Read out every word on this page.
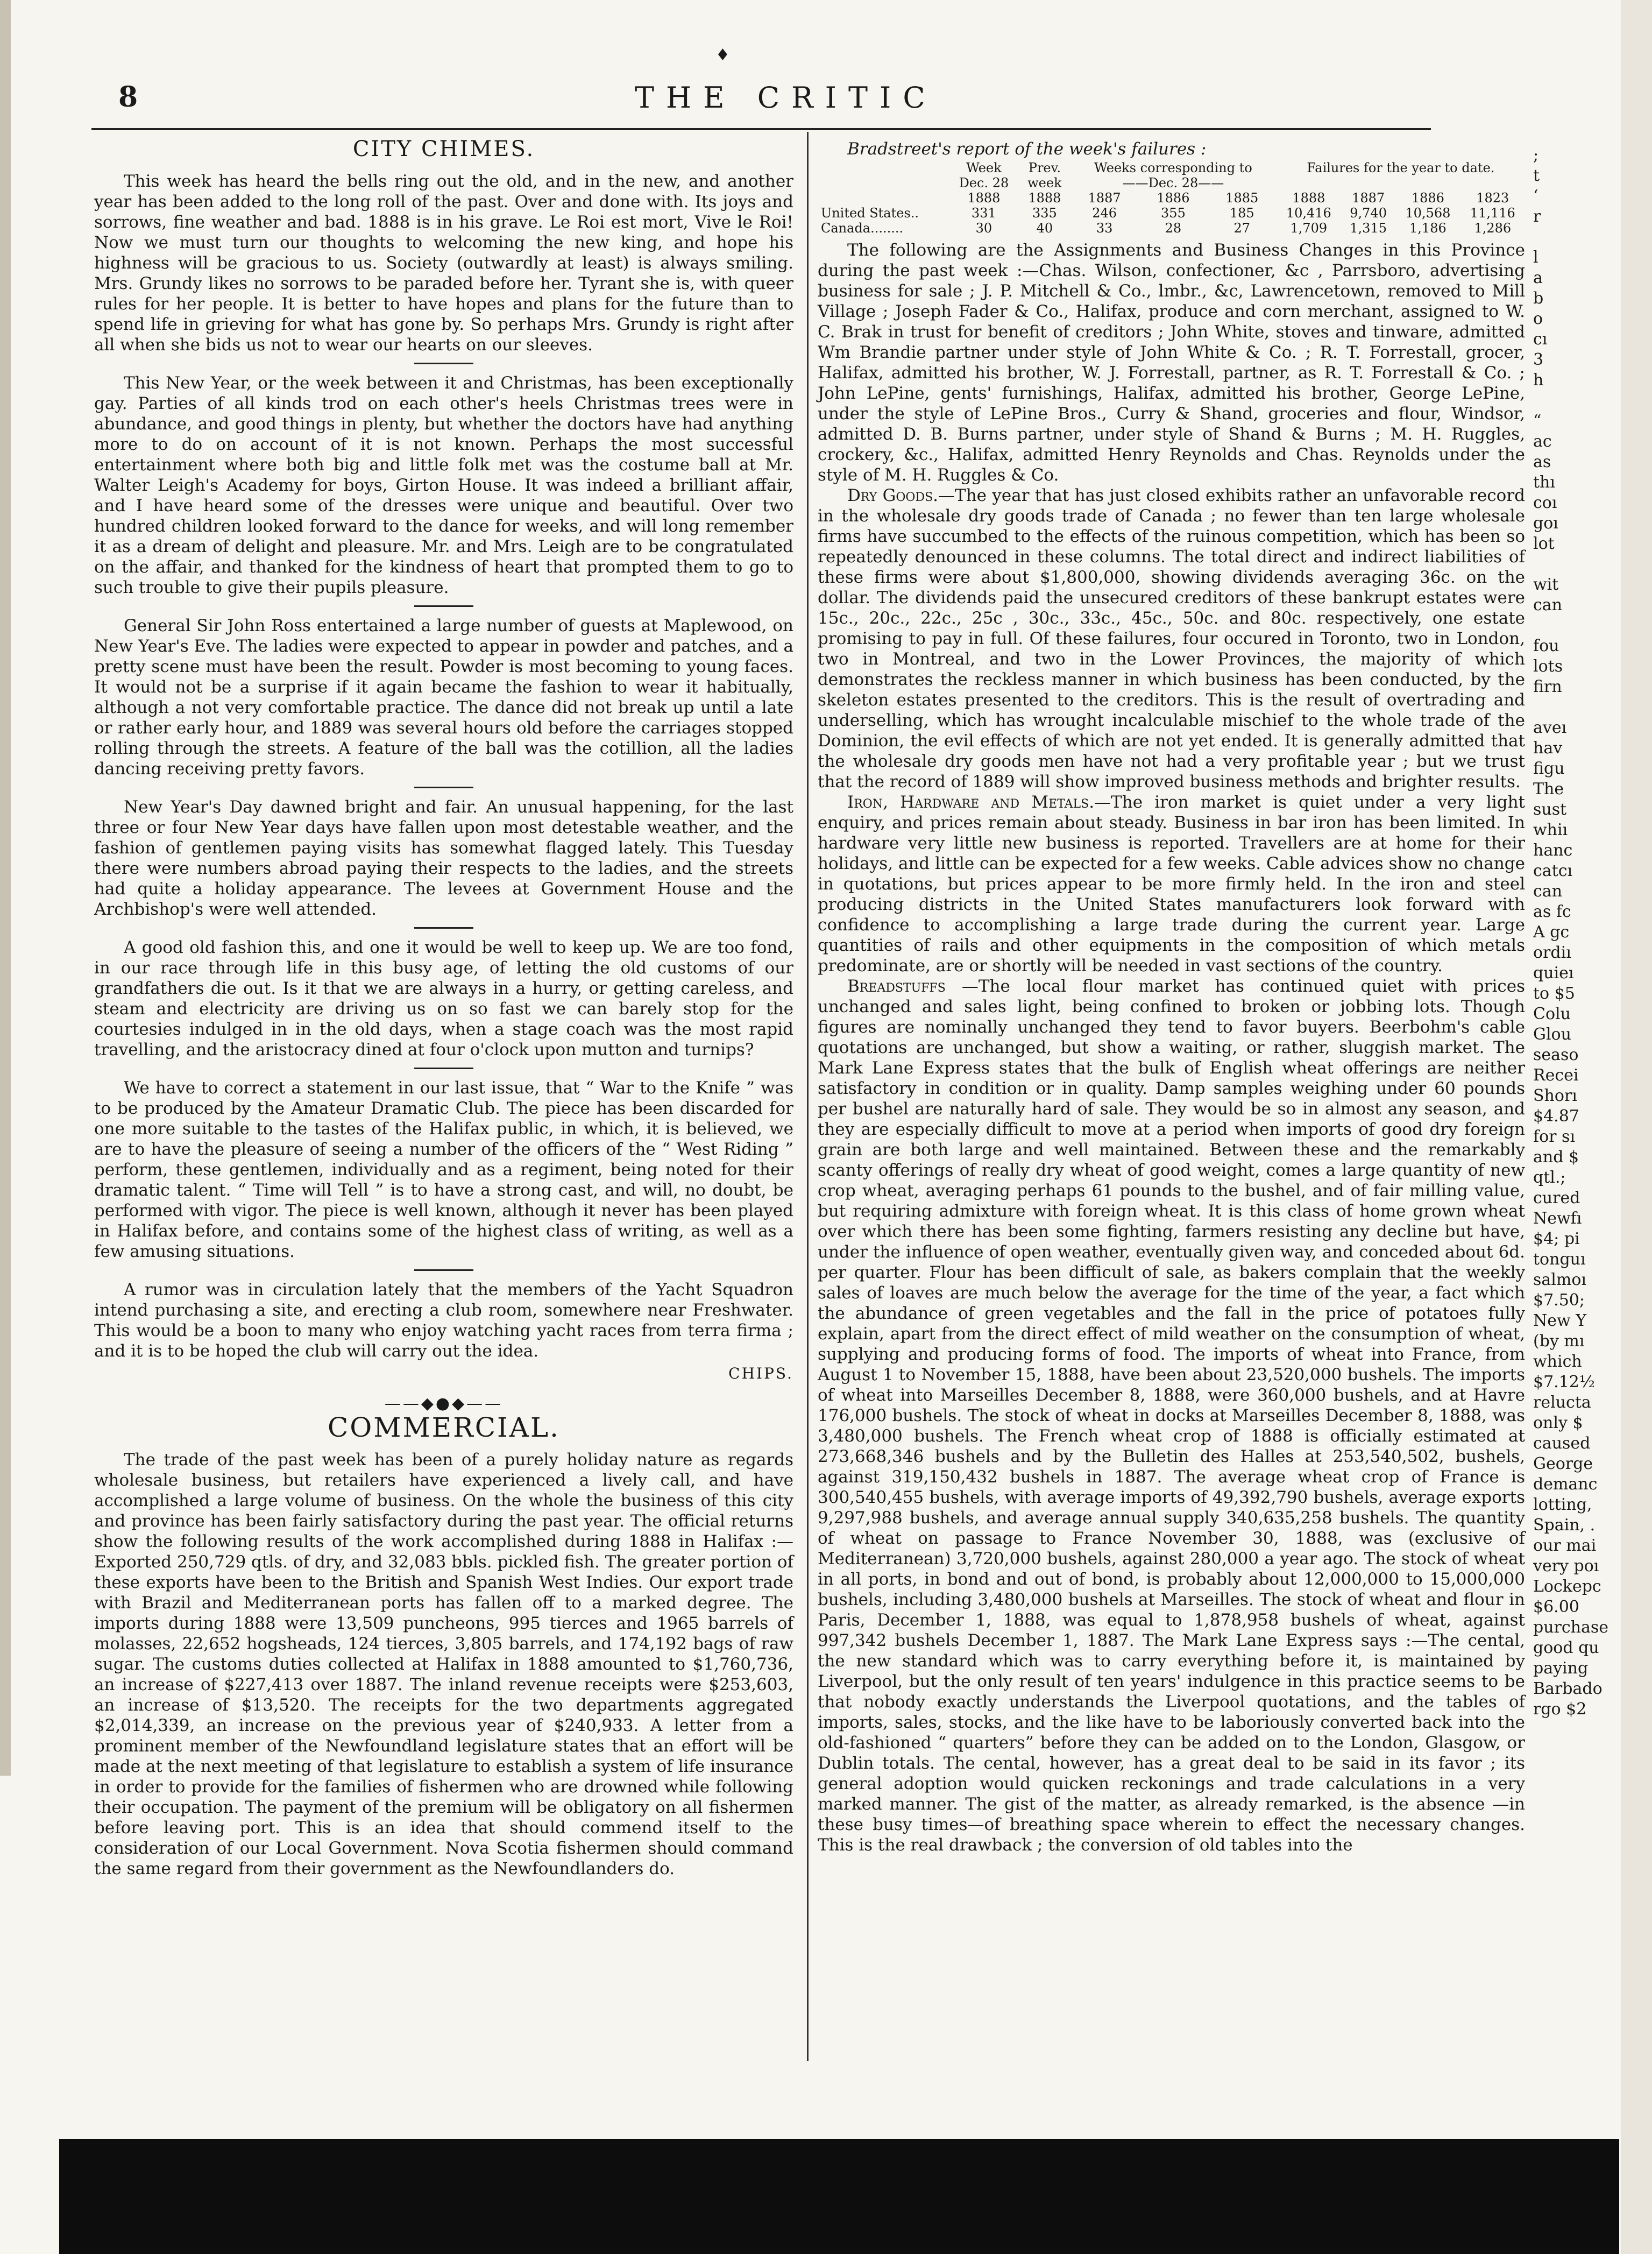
♦
8	THE CRITIC
CITY CHIMES.

This week has heard the bells ring out the old, and in the new, and another year has been added to the long roll of the past. Over and done with. Its joys and sorrows, fine weather and bad. 1888 is in his grave. Le Roi est mort, Vive le Roi! Now we must turn our thoughts to welcoming the new king, and hope his highness will be gracious to us. Society (outwardly at least) is always smiling. Mrs. Grundy likes no sorrows to be paraded before her. Tyrant she is, with queer rules for her people. It is better to have hopes and plans for the future than to spend life in grieving for what has gone by. So perhaps Mrs. Grundy is right after all when she bids us not to wear our hearts on our sleeves.

This New Year, or the week between it and Christmas, has been exceptionally gay. Parties of all kinds trod on each other's heels Christmas trees were in abundance, and good things in plenty, but whether the doctors have had anything more to do on account of it is not known. Perhaps the most successful entertainment where both big and little folk met was the costume ball at Mr. Walter Leigh's Academy for boys, Girton House. It was indeed a brilliant affair, and I have heard some of the dresses were unique and beautiful. Over two hundred children looked forward to the dance for weeks, and will long remember it as a dream of delight and pleasure. Mr. and Mrs. Leigh are to be congratulated on the affair, and thanked for the kindness of heart that prompted them to go to such trouble to give their pupils pleasure.

General Sir John Ross entertained a large number of guests at Maplewood, on New Year's Eve. The ladies were expected to appear in powder and patches, and a pretty scene must have been the result. Powder is most becoming to young faces. It would not be a surprise if it again became the fashion to wear it habitually, although a not very comfortable practice. The dance did not break up until a late or rather early hour, and 1889 was several hours old before the carriages stopped rolling through the streets. A feature of the ball was the cotillion, all the ladies dancing receiving pretty favors.

New Year's Day dawned bright and fair. An unusual happening, for the last three or four New Year days have fallen upon most detestable weather, and the fashion of gentlemen paying visits has somewhat flagged lately. This Tuesday there were numbers abroad paying their respects to the ladies, and the streets had quite a holiday appearance. The levees at Government House and the Archbishop's were well attended.

A good old fashion this, and one it would be well to keep up. We are too fond, in our race through life in this busy age, of letting the old customs of our grandfathers die out. Is it that we are always in a hurry, or getting careless, and steam and electricity are driving us on so fast we can barely stop for the courtesies indulged in in the old days, when a stage coach was the most rapid travelling, and the aristocracy dined at four o'clock upon mutton and turnips?

We have to correct a statement in our last issue, that “ War to the Knife ” was to be produced by the Amateur Dramatic Club. The piece has been discarded for one more suitable to the tastes of the Halifax public, in which, it is believed, we are to have the pleasure of seeing a number of the officers of the “ West Riding ” perform, these gentlemen, individually and as a regiment, being noted for their dramatic talent. “ Time will Tell ” is to have a strong cast, and will, no doubt, be performed with vigor. The piece is well known, although it never has been played in Halifax before, and contains some of the highest class of writing, as well as a few amusing situations.

A rumor was in circulation lately that the members of the Yacht Squadron intend purchasing a site, and erecting a club room, somewhere near Freshwater. This would be a boon to many who enjoy watching yacht races from terra firma ; and it is to be hoped the club will carry out the idea.

CHIPS.
——◆●◆——
COMMERCIAL.

The trade of the past week has been of a purely holiday nature as regards wholesale business, but retailers have experienced a lively call, and have accomplished a large volume of business. On the whole the business of this city and province has been fairly satisfactory during the past year. The official returns show the following results of the work accomplished during 1888 in Halifax :—Exported 250,729 qtls. of dry, and 32,083 bbls. pickled fish. The greater portion of these exports have been to the British and Spanish West Indies. Our export trade with Brazil and Mediterranean ports has fallen off to a marked degree. The imports during 1888 were 13,509 puncheons, 995 tierces and 1965 barrels of molasses, 22,652 hogsheads, 124 tierces, 3,805 barrels, and 174,192 bags of raw sugar. The customs duties collected at Halifax in 1888 amounted to $1,760,736, an increase of $227,413 over 1887. The inland revenue receipts were $253,603, an increase of $13,520. The receipts for the two departments aggregated $2,014,339, an increase on the previous year of $240,933. A letter from a prominent member of the Newfoundland legislature states that an effort will be made at the next meeting of that legislature to establish a system of life insurance in order to provide for the families of fishermen who are drowned while following their occupation. The payment of the premium will be obligatory on all fishermen before leaving port. This is an idea that should commend itself to the consideration of our Local Government. Nova Scotia fishermen should command the same regard from their government as the Newfoundlanders do.

Bradstreet's report of the week's failures :

	Week	Prev.	Weeks corresponding to			Failures for the year to date.			
	Dec. 28	week	——Dec. 28——						
	1888	1888	1887	1886	1885	1888	1887	1886	1823
United States..	331	335	246	355	185	10,416	9,740	10,568	11,116
Canada........	30	40	33	28	27	1,709	1,315	1,186	1,286

The following are the Assignments and Business Changes in this Province during the past week :—Chas. Wilson, confectioner, &c , Parrsboro, advertising business for sale ; J. P. Mitchell & Co., lmbr., &c, Lawrencetown, removed to Mill Village ; Joseph Fader & Co., Halifax, produce and corn merchant, assigned to W. C. Brak in trust for benefit of creditors ; John White, stoves and tinware, admitted Wm Brandie partner under style of John White & Co. ; R. T. Forrestall, grocer, Halifax, admitted his brother, W. J. Forrestall, partner, as R. T. Forrestall & Co. ; John LePine, gents' furnishings, Halifax, admitted his brother, George LePine, under the style of LePine Bros., Curry & Shand, groceries and flour, Windsor, admitted D. B. Burns partner, under style of Shand & Burns ; M. H. Ruggles, crockery, &c., Halifax, admitted Henry Reynolds and Chas. Reynolds under the style of M. H. Ruggles & Co.

Dry Goods.—The year that has just closed exhibits rather an unfavorable record in the wholesale dry goods trade of Canada ; no fewer than ten large wholesale firms have succumbed to the effects of the ruinous competition, which has been so repeatedly denounced in these columns. The total direct and indirect liabilities of these firms were about $1,800,000, showing dividends averaging 36c. on the dollar. The dividends paid the unsecured creditors of these bankrupt estates were 15c., 20c., 22c., 25c , 30c., 33c., 45c., 50c. and 80c. respectively, one estate promising to pay in full. Of these failures, four occured in Toronto, two in London, two in Montreal, and two in the Lower Provinces, the majority of which demonstrates the reckless manner in which business has been conducted, by the skeleton estates presented to the creditors. This is the result of overtrading and underselling, which has wrought incalculable mischief to the whole trade of the Dominion, the evil effects of which are not yet ended. It is generally admitted that the wholesale dry goods men have not had a very profitable year ; but we trust that the record of 1889 will show improved business methods and brighter results.

Iron, Hardware and Metals.—The iron market is quiet under a very light enquiry, and prices remain about steady. Business in bar iron has been limited. In hardware very little new business is reported. Travellers are at home for their holidays, and little can be expected for a few weeks. Cable advices show no change in quotations, but prices appear to be more firmly held. In the iron and steel producing districts in the United States manufacturers look forward with confidence to accomplishing a large trade during the current year. Large quantities of rails and other equipments in the composition of which metals predominate, are or shortly will be needed in vast sections of the country.

Breadstuffs —The local flour market has continued quiet with prices unchanged and sales light, being confined to broken or jobbing lots. Though figures are nominally unchanged they tend to favor buyers. Beerbohm's cable quotations are unchanged, but show a waiting, or rather, sluggish market. The Mark Lane Express states that the bulk of English wheat offerings are neither satisfactory in condition or in quality. Damp samples weighing under 60 pounds per bushel are naturally hard of sale. They would be so in almost any season, and they are especially difficult to move at a period when imports of good dry foreign grain are both large and well maintained. Between these and the remarkably scanty offerings of really dry wheat of good weight, comes a large quantity of new crop wheat, averaging perhaps 61 pounds to the bushel, and of fair milling value, but requiring admixture with foreign wheat. It is this class of home grown wheat over which there has been some fighting, farmers resisting any decline but have, under the influence of open weather, eventually given way, and conceded about 6d. per quarter. Flour has been difficult of sale, as bakers complain that the weekly sales of loaves are much below the average for the time of the year, a fact which the abundance of green vegetables and the fall in the price of potatoes fully explain, apart from the direct effect of mild weather on the consumption of wheat, supplying and producing forms of food. The imports of wheat into France, from August 1 to November 15, 1888, have been about 23,520,000 bushels. The imports of wheat into Marseilles December 8, 1888, were 360,000 bushels, and at Havre 176,000 bushels. The stock of wheat in docks at Marseilles December 8, 1888, was 3,480,000 bushels. The French wheat crop of 1888 is officially estimated at 273,668,346 bushels and by the Bulletin des Halles at 253,540,502, bushels, against 319,150,432 bushels in 1887. The average wheat crop of France is 300,540,455 bushels, with average imports of 49,392,790 bushels, average exports 9,297,988 bushels, and average annual supply 340,635,258 bushels. The quantity of wheat on passage to France November 30, 1888, was (exclusive of Mediterranean) 3,720,000 bushels, against 280,000 a year ago. The stock of wheat in all ports, in bond and out of bond, is probably about 12,000,000 to 15,000,000 bushels, including 3,480,000 bushels at Marseilles. The stock of wheat and flour in Paris, December 1, 1888, was equal to 1,878,958 bushels of wheat, against 997,342 bushels December 1, 1887. The Mark Lane Express says :—The cental, the new standard which was to carry everything before it, is maintained by Liverpool, but the only result of ten years' indulgence in this practice seems to be that nobody exactly understands the Liverpool quotations, and the tables of imports, sales, stocks, and the like have to be laboriously converted back into the old-fashioned “ quarters” before they can be added on to the London, Glasgow, or Dublin totals. The cental, however, has a great deal to be said in its favor ; its general adoption would quicken reckonings and trade calculations in a very marked manner. The gist of the matter, as already remarked, is the absence —in these busy times—of breathing space wherein to effect the necessary changes. This is the real drawback ; the conversion of old tables into the

;
t
‘
r
l
a
b
o
cı
3
h
“
ac
as
thı
coı
goı
lot
wit
can
fou
lots
firn
aveı
hav
figu
The
sust
whiı
hanc
catcı
can
as fc
A gc
ordiı
quieı
to $5
Colu
Glou
seaso
Recei
Shorı
$4.87
for sı
and $
qtl.;
cured
Newfı
$4; pi
tonguı
salmoı
$7.50;
New Y
(by mı
which
$7.12½
relucta
only $
caused
George
demanc
lotting,
Spain, .
our mai
very poı
Lockepc
$6.00
purchase
good qu
paying
Barbado
rgo $2
